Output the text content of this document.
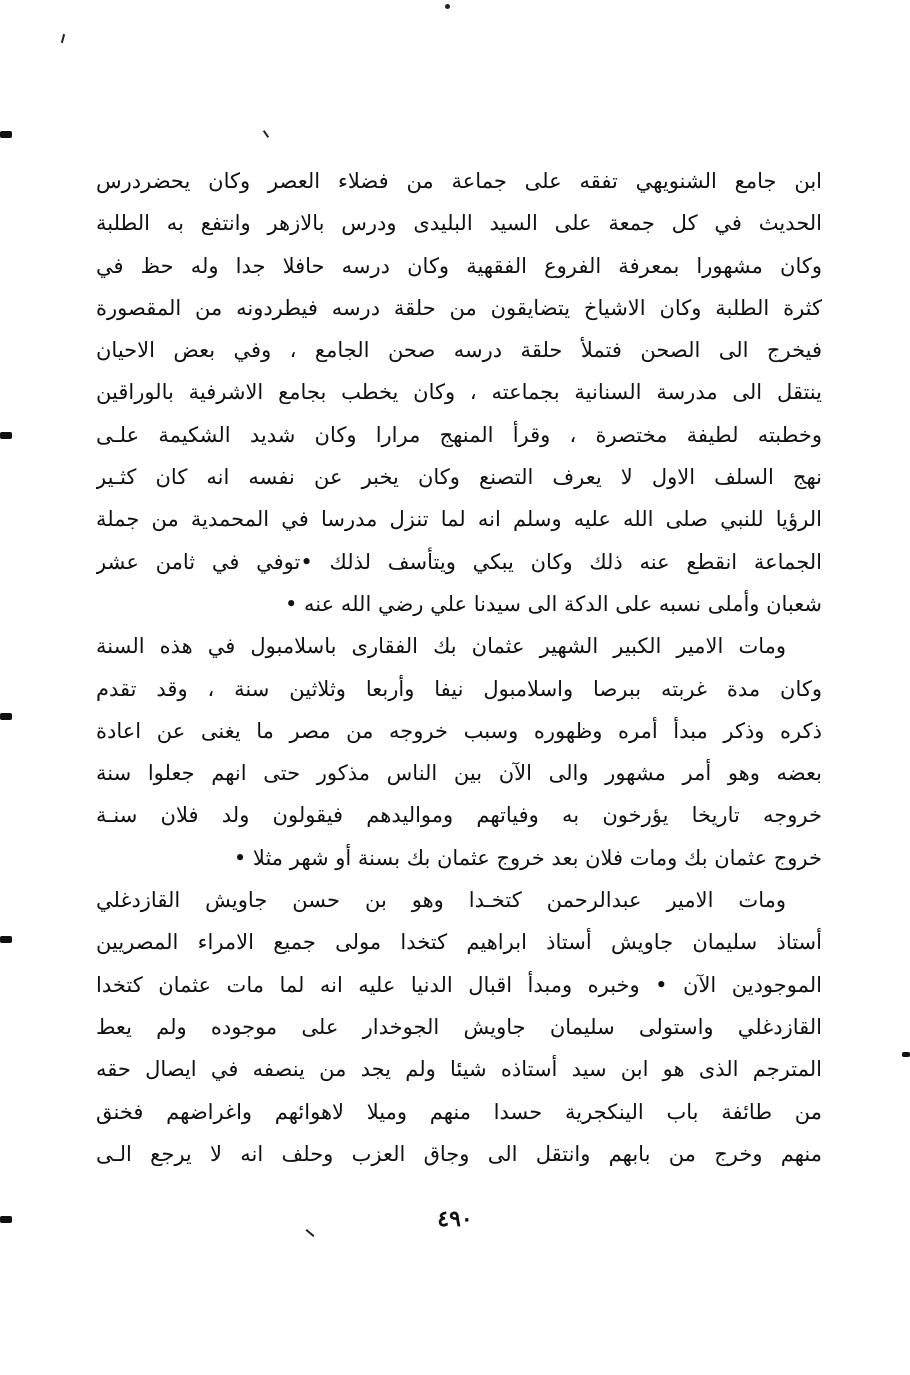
ابن جامع الشنويهي تفقه على جماعة من فضلاء العصر وكان يحضردرس
الحديث في كل جمعة على السيد البليدى ودرس بالازهر وانتفع به الطلبة
وكان مشهورا بمعرفة الفروع الفقهية وكان درسه حافلا جدا وله حظ في
كثرة الطلبة وكان الاشياخ يتضايقون من حلقة درسه فيطردونه من المقصورة
فيخرج الى الصحن فتملأ حلقة درسه صحن الجامع ، وفي بعض الاحيان
ينتقل الى مدرسة السنانية بجماعته ، وكان يخطب بجامع الاشرفية بالوراقين
وخطبته لطيفة مختصرة ، وقرأ المنهج مرارا وكان شديد الشكيمة علـى
نهج السلف الاول لا يعرف التصنع وكان يخبر عن نفسه انه كان كثـير
الرؤيا للنبي صلى الله عليه وسلم انه لما تنزل مدرسا في المحمدية من جملة
الجماعة انقطع عنه ذلك وكان يبكي ويتأسف لذلك •توفي في ثامن عشر
شعبان وأملى نسبه على الدكة الى سيدنا علي رضي الله عنه •
ومات الامير الكبير الشهير عثمان بك الفقارى باسلامبول في هذه السنة
وكان مدة غربته ببرصا واسلامبول نيفا وأربعا وثلاثين سنة ، وقد تقدم
ذكره وذكر مبدأ أمره وظهوره وسبب خروجه من مصر ما يغنى عن اعادة
بعضه وهو أمر مشهور والى الآن بين الناس مذكور حتى انهم جعلوا سنة
خروجه تاريخا يؤرخون به وفياتهم وموالیدهم فيقولون ولد فلان سنـة
خروج عثمان بك ومات فلان بعد خروج عثمان بك بسنة أو شهر مثلا •
ومات الامير عبدالرحمن كتخـدا وهو بن حسن جاويش القازدغلي
أستاذ سليمان جاويش أستاذ ابراهيم كتخدا مولى جميع الامراء المصريين
الموجودين الآن • وخبره ومبدأ اقبال الدنيا عليه انه لما مات عثمان كتخدا
القازدغلي واستولى سليمان جاويش الجوخدار على موجوده ولم يعط
المترجم الذى هو ابن سيد أستاذه شيئا ولم يجد من ينصفه في ايصال حقه
من طائفة باب الينكجرية حسدا منهم وميلا لاهوائهم واغراضهم فخنق
منهم وخرج من بابهم وانتقل الى وجاق العزب وحلف انه لا يرجع الـى
٤٩٠
